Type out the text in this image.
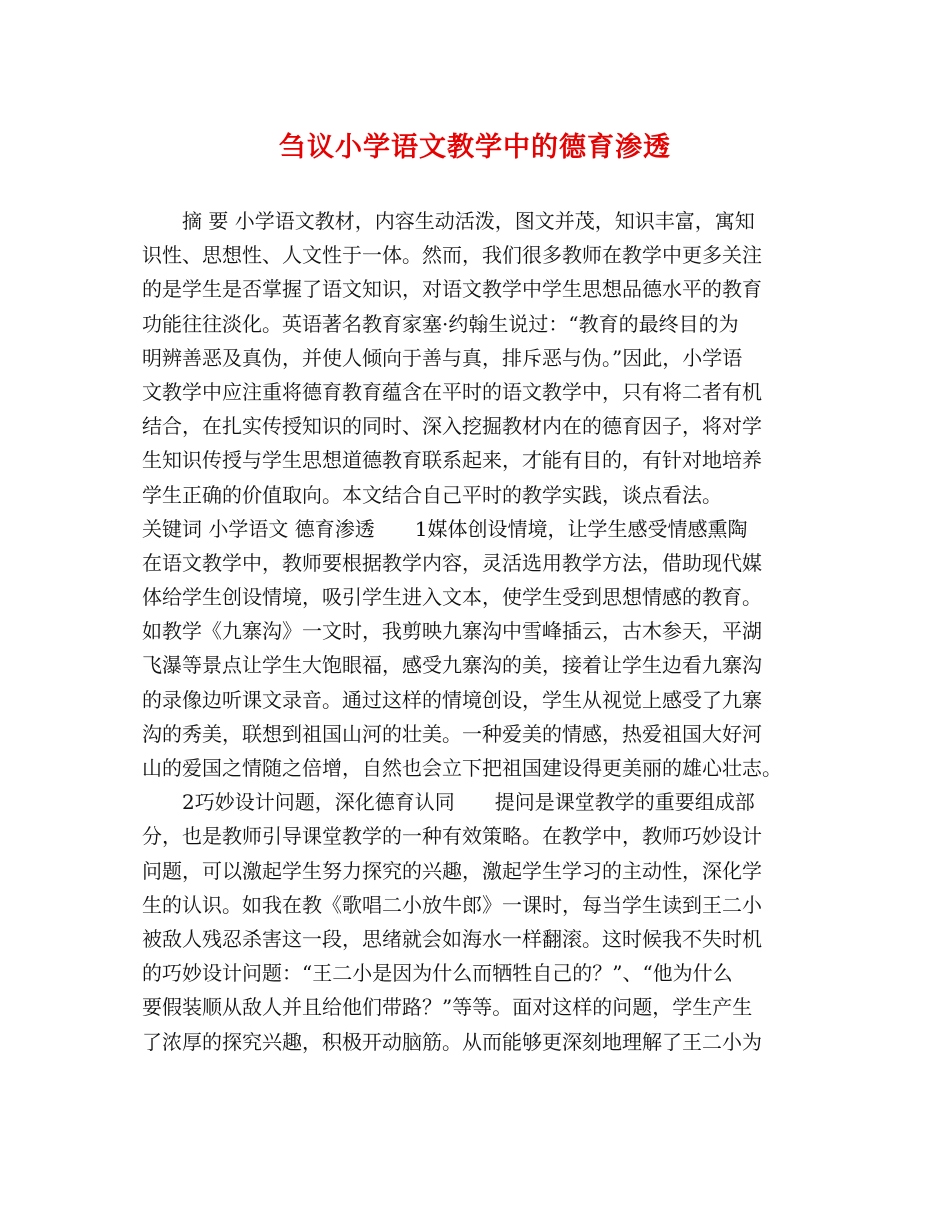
刍议小学语文教学中的德育渗透
摘 要 小学语文教材，内容生动活泼，图文并茂，知识丰富，寓知
识性、思想性、人文性于一体。然而，我们很多教师在教学中更多关注
的是学生是否掌握了语文知识，对语文教学中学生思想品德水平的教育
功能往往淡化。英语著名教育家塞·约翰生说过：“教育的最终目的为
明辨善恶及真伪，并使人倾向于善与真，排斥恶与伪。”因此，小学语
文教学中应注重将德育教育蕴含在平时的语文教学中，只有将二者有机
结合，在扎实传授知识的同时、深入挖掘教材内在的德育因子，将对学
生知识传授与学生思想道德教育联系起来，才能有目的，有针对地培养
学生正确的价值取向。本文结合自己平时的教学实践，谈点看法。
关键词 小学语文 德育渗透 1媒体创设情境，让学生感受情感熏陶
在语文教学中，教师要根据教学内容，灵活选用教学方法，借助现代媒
体给学生创设情境，吸引学生进入文本，使学生受到思想情感的教育。
如教学《九寨沟》一文时，我剪映九寨沟中雪峰插云，古木参天，平湖
飞瀑等景点让学生大饱眼福，感受九寨沟的美，接着让学生边看九寨沟
的录像边听课文录音。通过这样的情境创设，学生从视觉上感受了九寨
沟的秀美，联想到祖国山河的壮美。一种爱美的情感，热爱祖国大好河
山的爱国之情随之倍增，自然也会立下把祖国建设得更美丽的雄心壮志。
2巧妙设计问题，深化德育认同 提问是课堂教学的重要组成部
分，也是教师引导课堂教学的一种有效策略。在教学中，教师巧妙设计
问题，可以激起学生努力探究的兴趣，激起学生学习的主动性，深化学
生的认识。如我在教《歌唱二小放牛郎》一课时，每当学生读到王二小
被敌人残忍杀害这一段，思绪就会如海水一样翻滚。这时候我不失时机
的巧妙设计问题：“王二小是因为什么而牺牲自己的？”、“他为什么
要假装顺从敌人并且给他们带路？”等等。面对这样的问题，学生产生
了浓厚的探究兴趣，积极开动脑筋。从而能够更深刻地理解了王二小为
